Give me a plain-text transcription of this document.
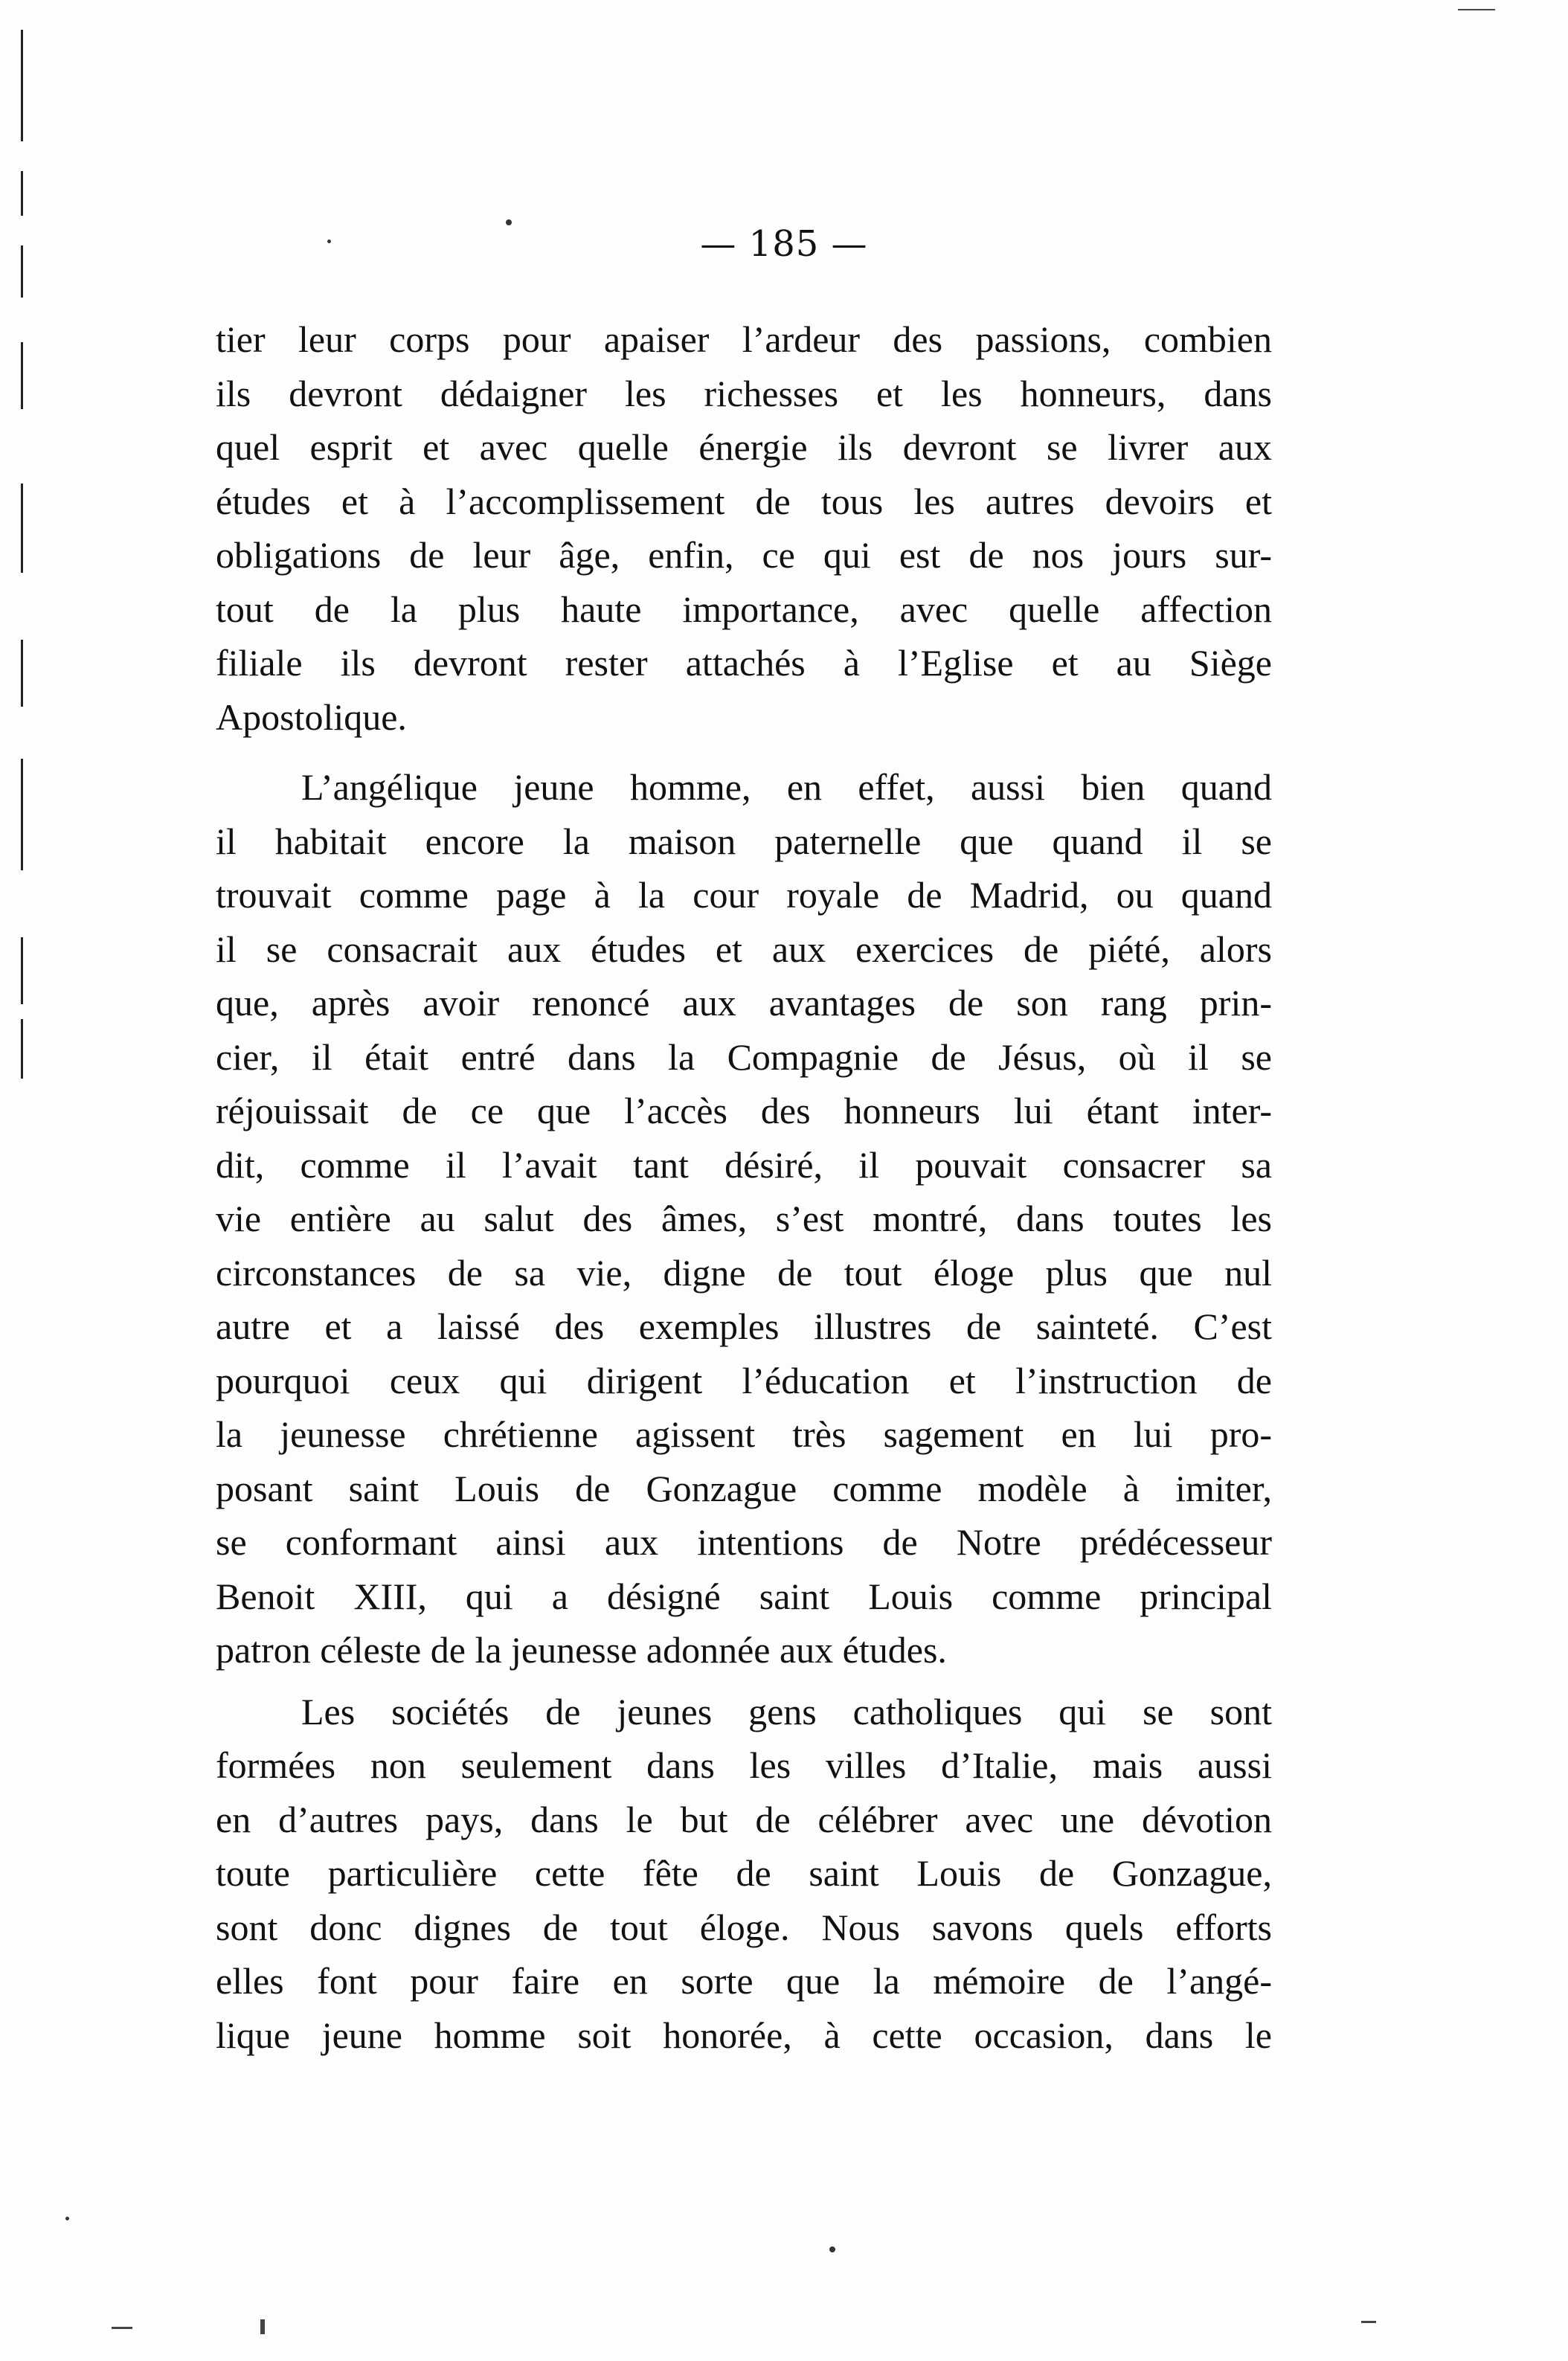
— 185 —
tier leur corps pour apaiser l’ardeur des passions, combien
ils devront dédaigner les richesses et les honneurs, dans
quel esprit et avec quelle énergie ils devront se livrer aux
études et à l’accomplissement de tous les autres devoirs et
obligations de leur âge, enfin, ce qui est de nos jours sur-
tout de la plus haute importance, avec quelle affection
filiale ils devront rester attachés à l’Eglise et au Siège
Apostolique.
L’angélique jeune homme, en effet, aussi bien quand
il habitait encore la maison paternelle que quand il se
trouvait comme page à la cour royale de Madrid, ou quand
il se consacrait aux études et aux exercices de piété, alors
que, après avoir renoncé aux avantages de son rang prin-
cier, il était entré dans la Compagnie de Jésus, où il se
réjouissait de ce que l’accès des honneurs lui étant inter-
dit, comme il l’avait tant désiré, il pouvait consacrer sa
vie entière au salut des âmes, s’est montré, dans toutes les
circonstances de sa vie, digne de tout éloge plus que nul
autre et a laissé des exemples illustres de sainteté. C’est
pourquoi ceux qui dirigent l’éducation et l’instruction de
la jeunesse chrétienne agissent très sagement en lui pro-
posant saint Louis de Gonzague comme modèle à imiter,
se conformant ainsi aux intentions de Notre prédécesseur
Benoit XIII, qui a désigné saint Louis comme principal
patron céleste de la jeunesse adonnée aux études.
Les sociétés de jeunes gens catholiques qui se sont
formées non seulement dans les villes d’Italie, mais aussi
en d’autres pays, dans le but de célébrer avec une dévotion
toute particulière cette fête de saint Louis de Gonzague,
sont donc dignes de tout éloge. Nous savons quels efforts
elles font pour faire en sorte que la mémoire de l’angé-
lique jeune homme soit honorée, à cette occasion, dans le
